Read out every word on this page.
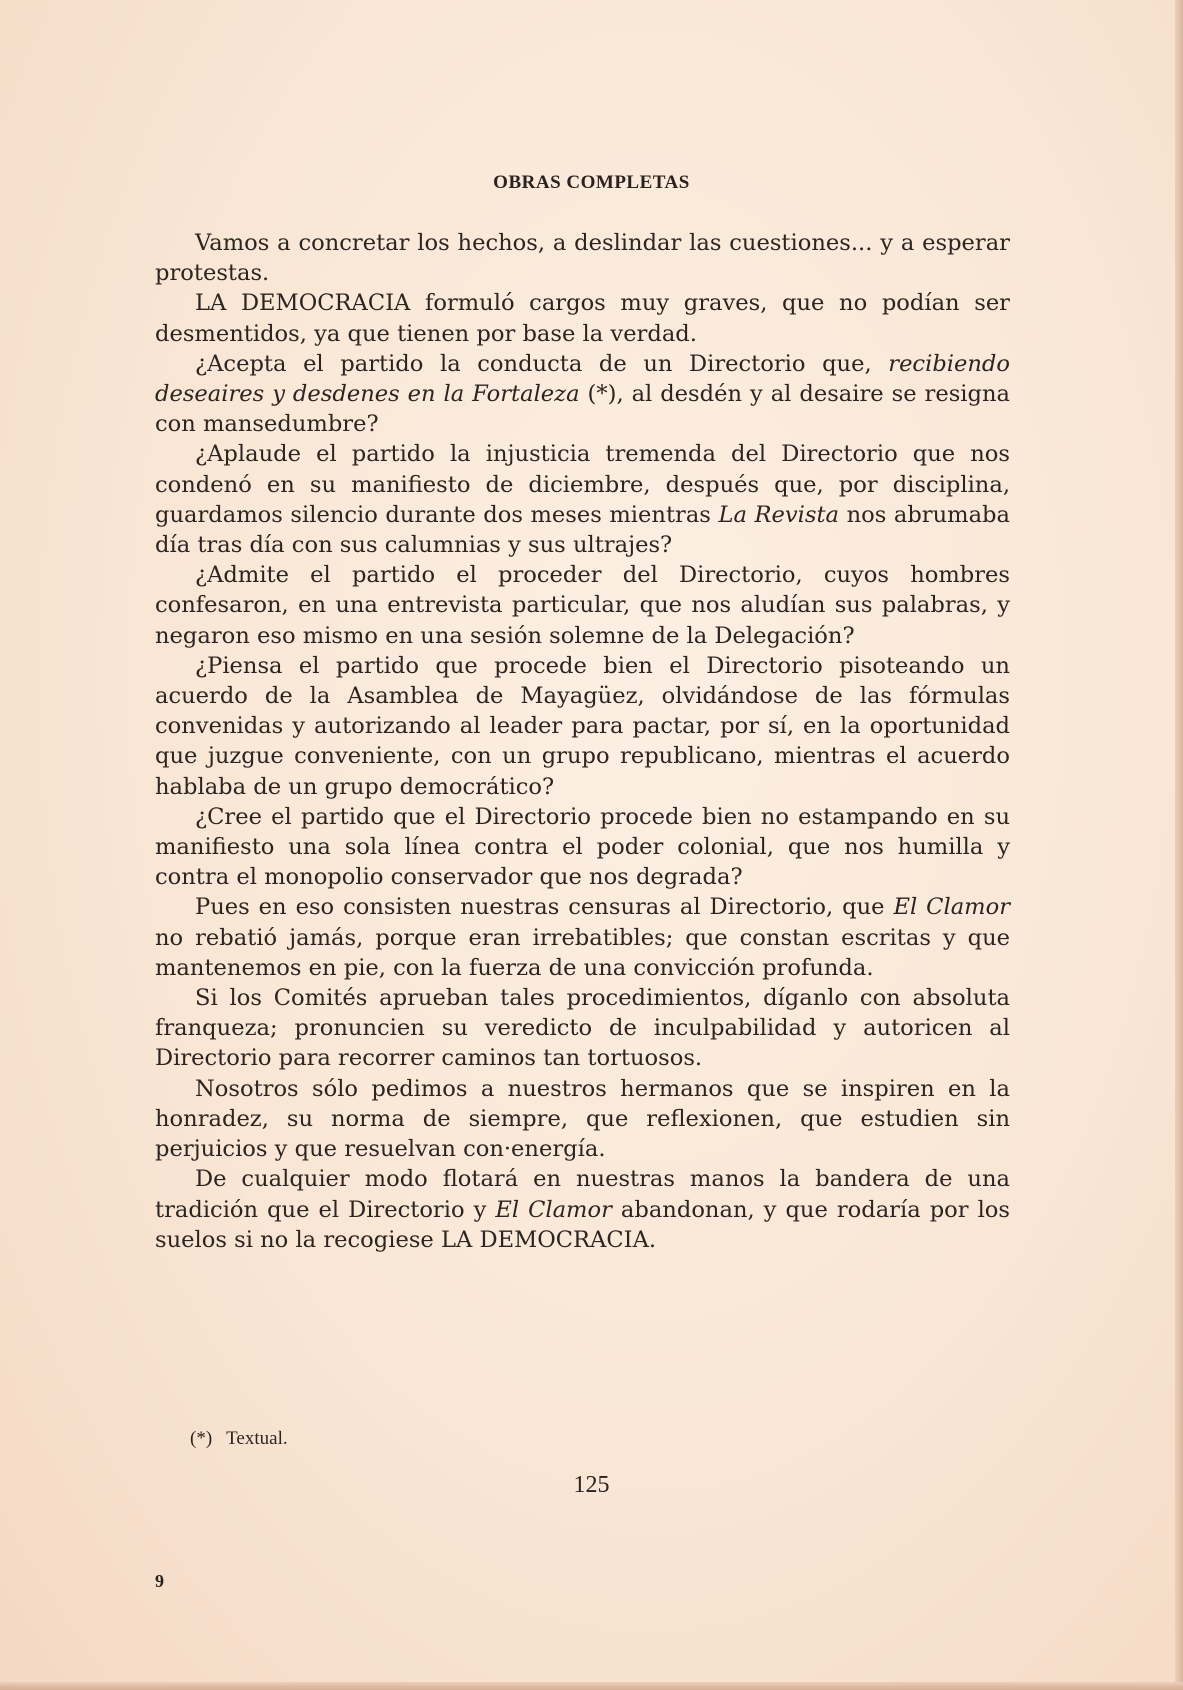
OBRAS COMPLETAS

Vamos a concretar los hechos, a deslindar las cuestiones... y a esperar protestas.

LA DEMOCRACIA formuló cargos muy graves, que no podían ser desmentidos, ya que tienen por base la verdad.

¿Acepta el partido la conducta de un Directorio que, recibiendo deseaires y desdenes en la Fortaleza (*), al desdén y al desaire se resigna con mansedumbre?

¿Aplaude el partido la injusticia tremenda del Directorio que nos condenó en su manifiesto de diciembre, después que, por disciplina, guardamos silencio durante dos meses mientras La Revista nos abrumaba día tras día con sus calumnias y sus ultrajes?

¿Admite el partido el proceder del Directorio, cuyos hombres confesaron, en una entrevista particular, que nos aludían sus palabras, y negaron eso mismo en una sesión solemne de la Delegación?

¿Piensa el partido que procede bien el Directorio pisoteando un acuerdo de la Asamblea de Mayagüez, olvidándose de las fórmulas convenidas y autorizando al leader para pactar, por sí, en la oportunidad que juzgue conveniente, con un grupo republicano, mientras el acuerdo hablaba de un grupo democrático?

¿Cree el partido que el Directorio procede bien no estampando en su manifiesto una sola línea contra el poder colonial, que nos humilla y contra el monopolio conservador que nos degrada?

Pues en eso consisten nuestras censuras al Directorio, que El Clamor no rebatió jamás, porque eran irrebatibles; que constan escritas y que mantenemos en pie, con la fuerza de una convicción profunda.

Si los Comités aprueban tales procedimientos, díganlo con absoluta franqueza; pronuncien su veredicto de inculpabilidad y autoricen al Directorio para recorrer caminos tan tortuosos.

Nosotros sólo pedimos a nuestros hermanos que se inspiren en la honradez, su norma de siempre, que reflexionen, que estudien sin perjuicios y que resuelvan con·energía.

De cualquier modo flotará en nuestras manos la bandera de una tradición que el Directorio y El Clamor abandonan, y que rodaría por los suelos si no la recogiese LA DEMOCRACIA.

(*) Textual.
125
9
